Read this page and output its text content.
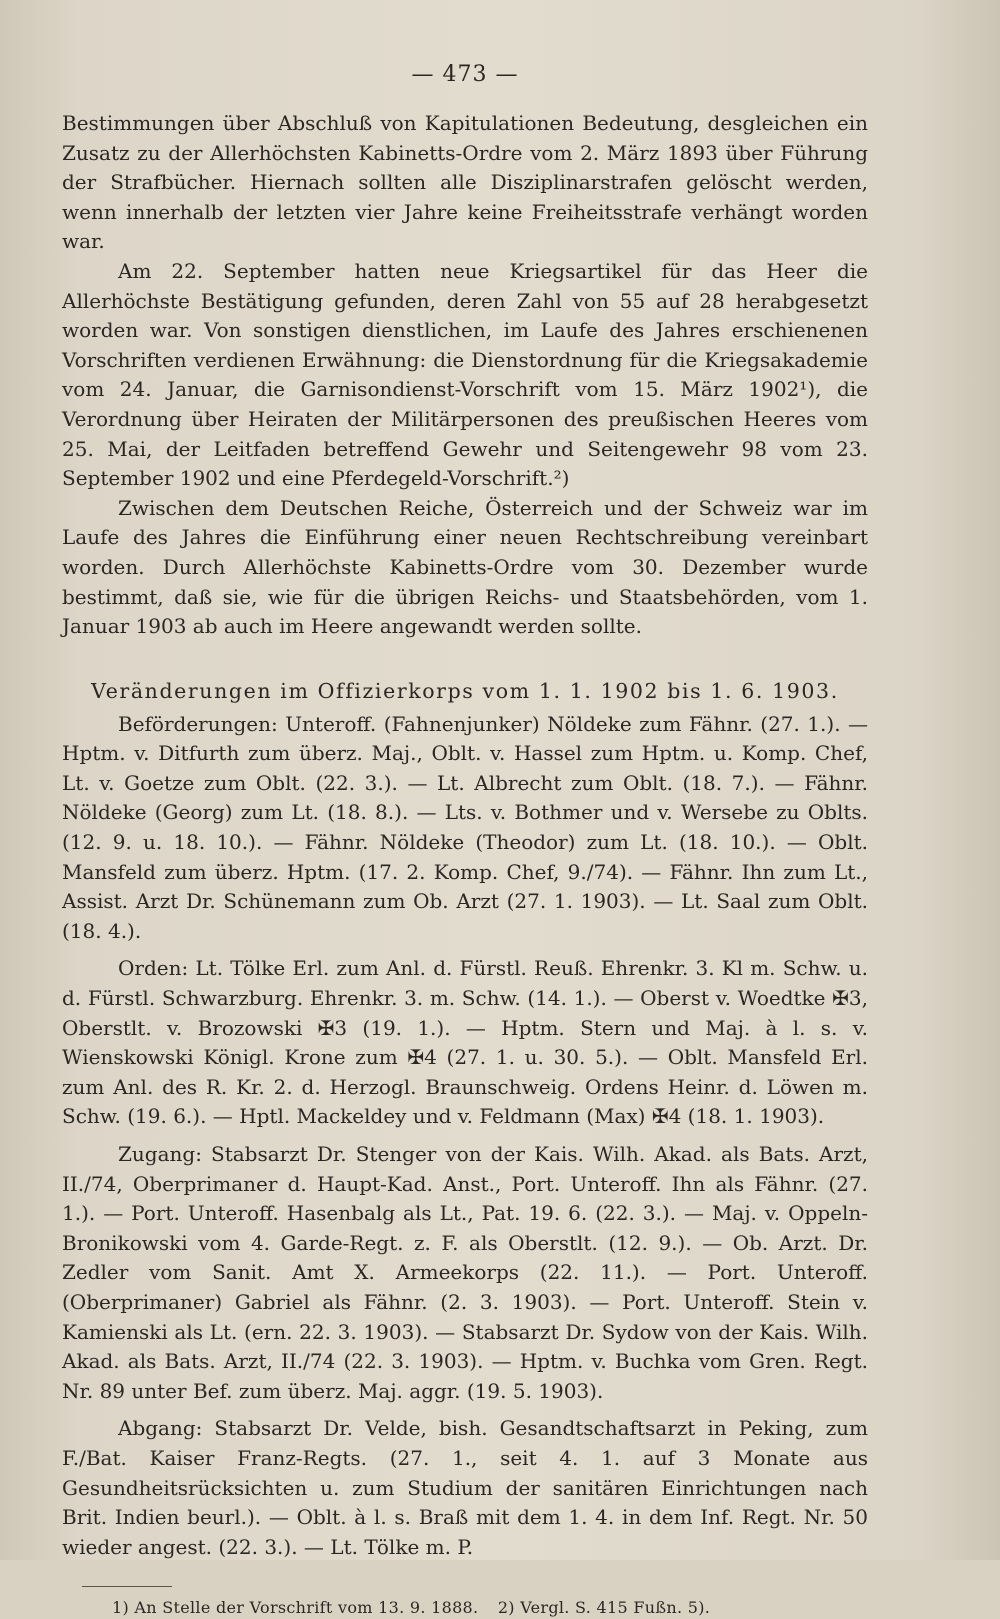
— 473 —

Bestimmungen über Abschluß von Kapitulationen Bedeutung, desgleichen ein Zusatz zu der Allerhöchsten Kabinetts-Ordre vom 2. März 1893 über Führung der Strafbücher. Hiernach sollten alle Disziplinarstrafen gelöscht werden, wenn innerhalb der letzten vier Jahre keine Freiheitsstrafe verhängt worden war.

Am 22. September hatten neue Kriegsartikel für das Heer die Allerhöchste Bestätigung gefunden, deren Zahl von 55 auf 28 herabgesetzt worden war. Von sonstigen dienstlichen, im Laufe des Jahres erschienenen Vorschriften verdienen Erwähnung: die Dienstordnung für die Kriegsakademie vom 24. Januar, die Garnisondienst-Vorschrift vom 15. März 1902¹), die Verordnung über Heiraten der Militärpersonen des preußischen Heeres vom 25. Mai, der Leitfaden betreffend Gewehr und Seitengewehr 98 vom 23. September 1902 und eine Pferdegeld-Vorschrift.²)

Zwischen dem Deutschen Reiche, Österreich und der Schweiz war im Laufe des Jahres die Einführung einer neuen Rechtschreibung vereinbart worden. Durch Allerhöchste Kabinetts-Ordre vom 30. Dezember wurde bestimmt, daß sie, wie für die übrigen Reichs- und Staatsbehörden, vom 1. Januar 1903 ab auch im Heere angewandt werden sollte.

Veränderungen im Offizierkorps vom 1. 1. 1902 bis 1. 6. 1903.

Beförderungen: Unteroff. (Fahnenjunker) Nöldeke zum Fähnr. (27. 1.). — Hptm. v. Ditfurth zum überz. Maj., Oblt. v. Hassel zum Hptm. u. Komp. Chef, Lt. v. Goetze zum Oblt. (22. 3.). — Lt. Albrecht zum Oblt. (18. 7.). — Fähnr. Nöldeke (Georg) zum Lt. (18. 8.). — Lts. v. Bothmer und v. Wersebe zu Oblts. (12. 9. u. 18. 10.). — Fähnr. Nöldeke (Theodor) zum Lt. (18. 10.). — Oblt. Mansfeld zum überz. Hptm. (17. 2. Komp. Chef, 9./74). — Fähnr. Ihn zum Lt., Assist. Arzt Dr. Schünemann zum Ob. Arzt (27. 1. 1903). — Lt. Saal zum Oblt. (18. 4.).

Orden: Lt. Tölke Erl. zum Anl. d. Fürstl. Reuß. Ehrenkr. 3. Kl m. Schw. u. d. Fürstl. Schwarzburg. Ehrenkr. 3. m. Schw. (14. 1.). — Oberst v. Woedtke ✠3, Oberstlt. v. Brozowski ✠3 (19. 1.). — Hptm. Stern und Maj. à l. s. v. Wienskowski Königl. Krone zum ✠4 (27. 1. u. 30. 5.). — Oblt. Mansfeld Erl. zum Anl. des R. Kr. 2. d. Herzogl. Braunschweig. Ordens Heinr. d. Löwen m. Schw. (19. 6.). — Hptl. Mackeldey und v. Feldmann (Max) ✠4 (18. 1. 1903).

Zugang: Stabsarzt Dr. Stenger von der Kais. Wilh. Akad. als Bats. Arzt, II./74, Oberprimaner d. Haupt-Kad. Anst., Port. Unteroff. Ihn als Fähnr. (27. 1.). — Port. Unteroff. Hasenbalg als Lt., Pat. 19. 6. (22. 3.). — Maj. v. Oppeln-Bronikowski vom 4. Garde-Regt. z. F. als Oberstlt. (12. 9.). — Ob. Arzt. Dr. Zedler vom Sanit. Amt X. Armeekorps (22. 11.). — Port. Unteroff. (Oberprimaner) Gabriel als Fähnr. (2. 3. 1903). — Port. Unteroff. Stein v. Kamienski als Lt. (ern. 22. 3. 1903). — Stabsarzt Dr. Sydow von der Kais. Wilh. Akad. als Bats. Arzt, II./74 (22. 3. 1903). — Hptm. v. Buchka vom Gren. Regt. Nr. 89 unter Bef. zum überz. Maj. aggr. (19. 5. 1903).

Abgang: Stabsarzt Dr. Velde, bish. Gesandtschaftsarzt in Peking, zum F./Bat. Kaiser Franz-Regts. (27. 1., seit 4. 1. auf 3 Monate aus Gesundheitsrücksichten u. zum Studium der sanitären Einrichtungen nach Brit. Indien beurl.). — Oblt. à l. s. Braß mit dem 1. 4. in dem Inf. Regt. Nr. 50 wieder angest. (22. 3.). — Lt. Tölke m. P.

1) An Stelle der Vorschrift vom 13. 9. 1888. 2) Vergl. S. 415 Fußn. 5).
